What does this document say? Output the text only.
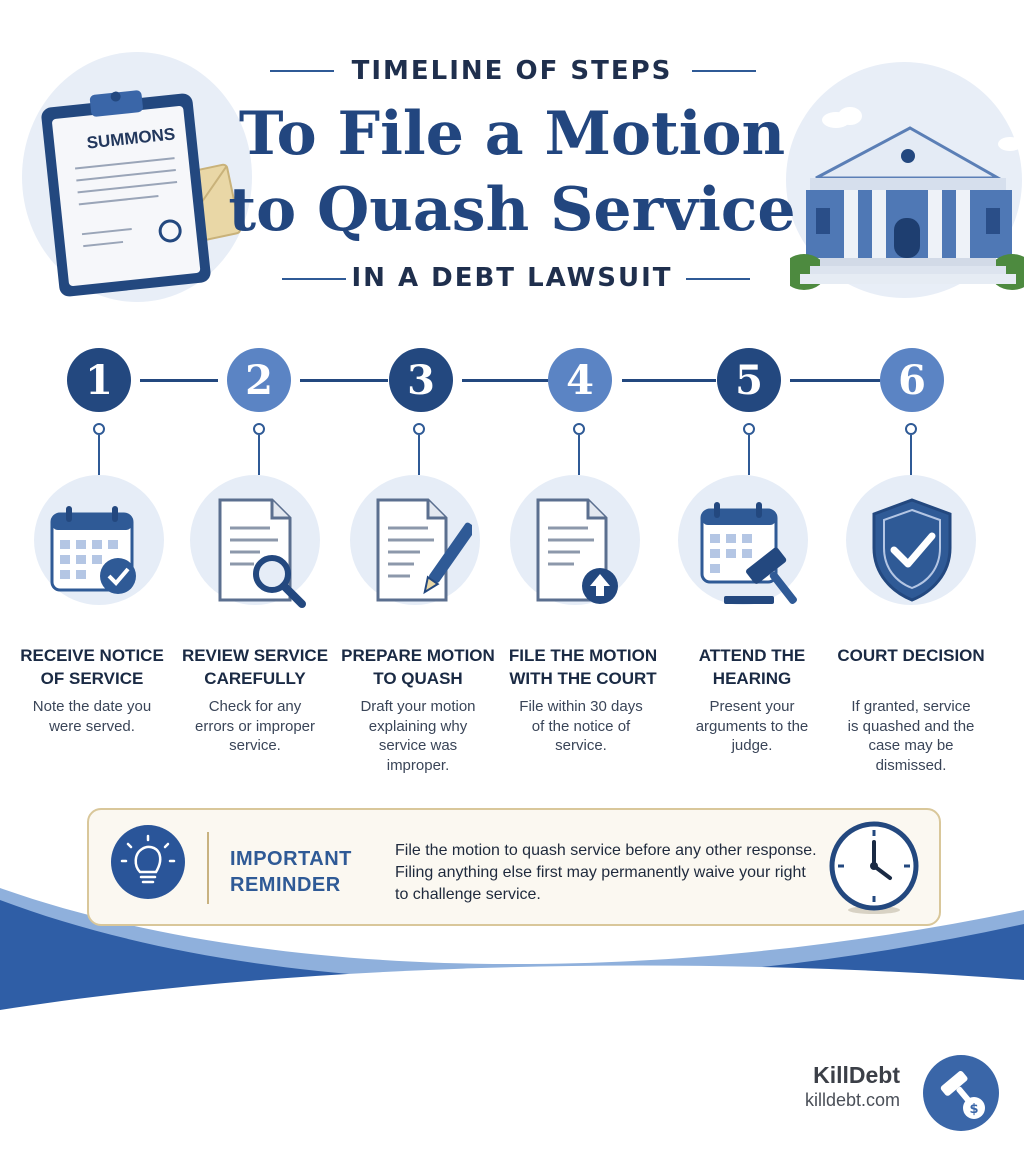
SUMMONS
TIMELINE OF STEPS
To File a Motion to Quash Service
IN A DEBT LAWSUIT
1
RECEIVE NOTICE
OF SERVICE
Note the date you
were served.
2
REVIEW SERVICE
CAREFULLY
Check for any
errors or improper
service.
3
PREPARE MOTION
TO QUASH
Draft your motion
explaining why
service was
improper.
4
FILE THE MOTION
WITH THE COURT
File within 30 days
of the notice of
service.
5
ATTEND THE
HEARING
Present your
arguments to the
judge.
6
COURT DECISION
If granted, service
is quashed and the
case may be
dismissed.
IMPORTANT
REMINDER
File the motion to quash service before any other response.
Filing anything else first may permanently waive your right
to challenge service.
KillDebt
killdebt.com	$
